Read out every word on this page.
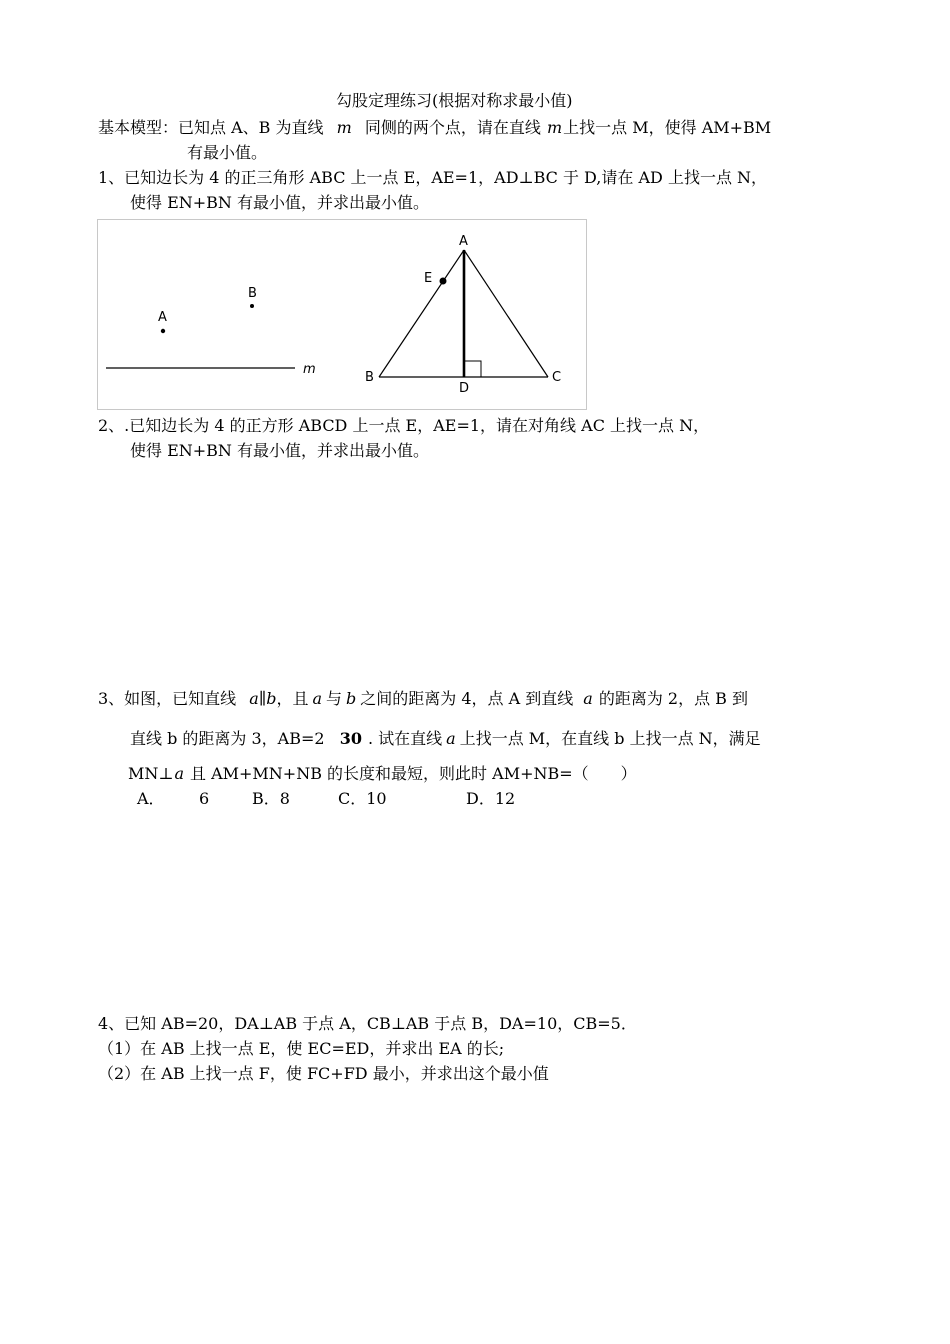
勾股定理练习(根据对称求最小值)
基本模型：已知点 A、B 为直线 m 同侧的两个点，请在直线 m上找一点 M，使得 AM+BM
有最小值。
1、已知边长为 4 的正三角形 ABC 上一点 E，AE=1，AD⊥BC 于 D,请在 AD 上找一点 N，
使得 EN+BN 有最小值，并求出最小值。
m
A
B
A
E
B
D
C
2、.已知边长为 4 的正方形 ABCD 上一点 E，AE=1，请在对角线 AC 上找一点 N，
使得 EN+BN 有最小值，并求出最小值。
3、如图，已知直线 a∥b，且 a 与 b 之间的距离为 4，点 A 到直线 a 的距离为 2，点 B 到
直线 b 的距离为 3，AB=2 30 . 试在直线 a 上找一点 M，在直线 b 上找一点 N，满足
MN⊥a 且 AM+MN+NB 的长度和最短，则此时 AM+NB=（　　）
A． 6	B．8	C．10	D．12
4、已知 AB=20，DA⊥AB 于点 A，CB⊥AB 于点 B，DA=10，CB=5．
（1）在 AB 上找一点 E，使 EC=ED，并求出 EA 的长;
（2）在 AB 上找一点 F，使 FC+FD 最小，并求出这个最小值
